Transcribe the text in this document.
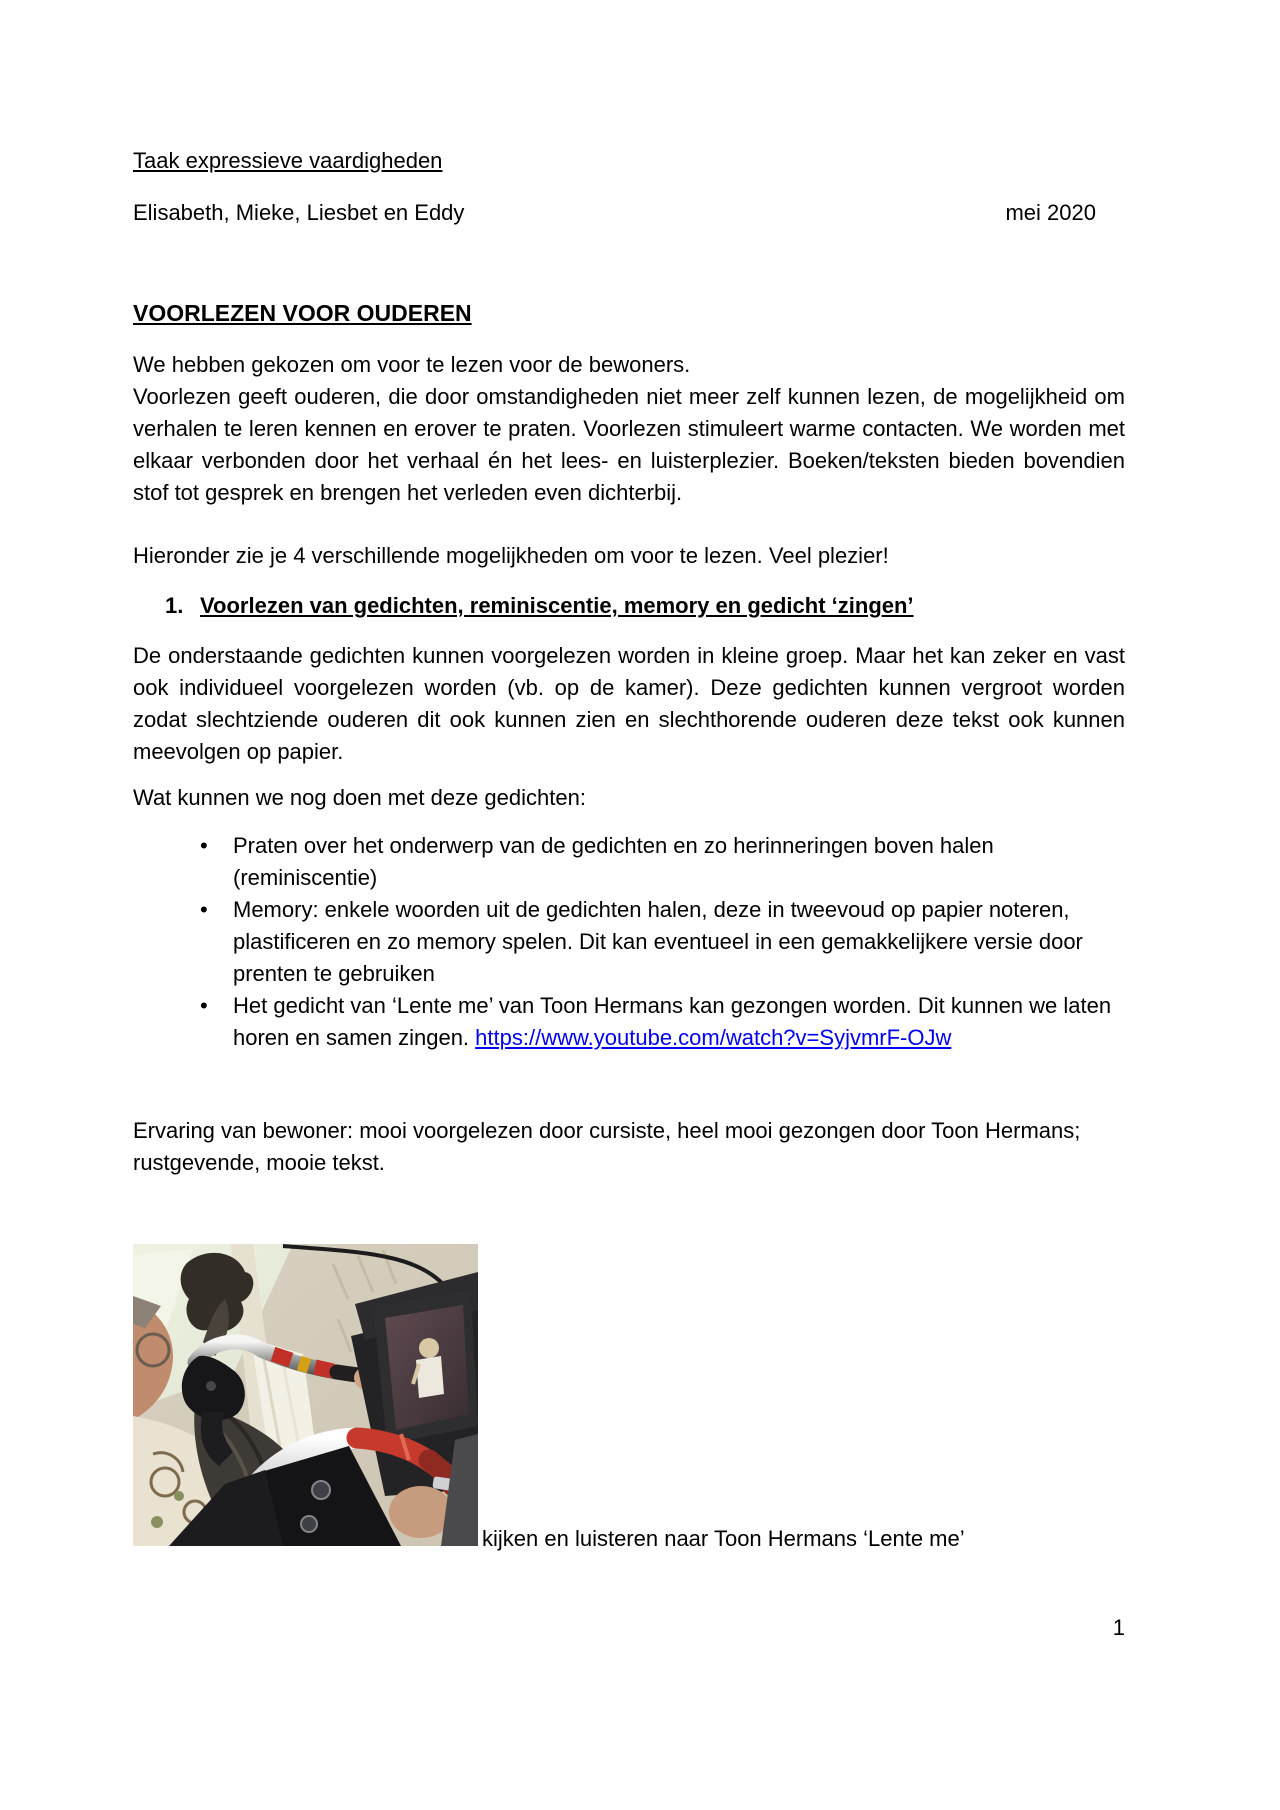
Taak expressieve vaardigheden

Elisabeth, Mieke, Liesbet en Eddy	mei 2020

VOORLEZEN VOOR OUDEREN

We hebben gekozen om voor te lezen voor de bewoners.
Voorlezen geeft ouderen, die door omstandigheden niet meer zelf kunnen lezen, de mogelijkheid om verhalen te leren kennen en erover te praten. Voorlezen stimuleert warme contacten. We worden met elkaar verbonden door het verhaal én het lees- en luisterplezier. Boeken/teksten bieden bovendien stof tot gesprek en brengen het verleden even dichterbij.

Hieronder zie je 4 verschillende mogelijkheden om voor te lezen. Veel plezier!

1. Voorlezen van gedichten, reminiscentie, memory en gedicht ‘zingen’

De onderstaande gedichten kunnen voorgelezen worden in kleine groep. Maar het kan zeker en vast ook individueel voorgelezen worden (vb. op de kamer). Deze gedichten kunnen vergroot worden zodat slechtziende ouderen dit ook kunnen zien en slechthorende ouderen deze tekst ook kunnen meevolgen op papier.

Wat kunnen we nog doen met deze gedichten:

• Praten over het onderwerp van de gedichten en zo herinneringen boven halen (reminiscentie)
• Memory: enkele woorden uit de gedichten halen, deze in tweevoud op papier noteren, plastificeren en zo memory spelen. Dit kan eventueel in een gemakkelijkere versie door prenten te gebruiken
• Het gedicht van ‘Lente me’ van Toon Hermans kan gezongen worden. Dit kunnen we laten horen en samen zingen. https://www.youtube.com/watch?v=SyjvmrF-OJw

Ervaring van bewoner: mooi voorgelezen door cursiste, heel mooi gezongen door Toon Hermans; rustgevende, mooie tekst.

kijken en luisteren naar Toon Hermans ‘Lente me’

1
